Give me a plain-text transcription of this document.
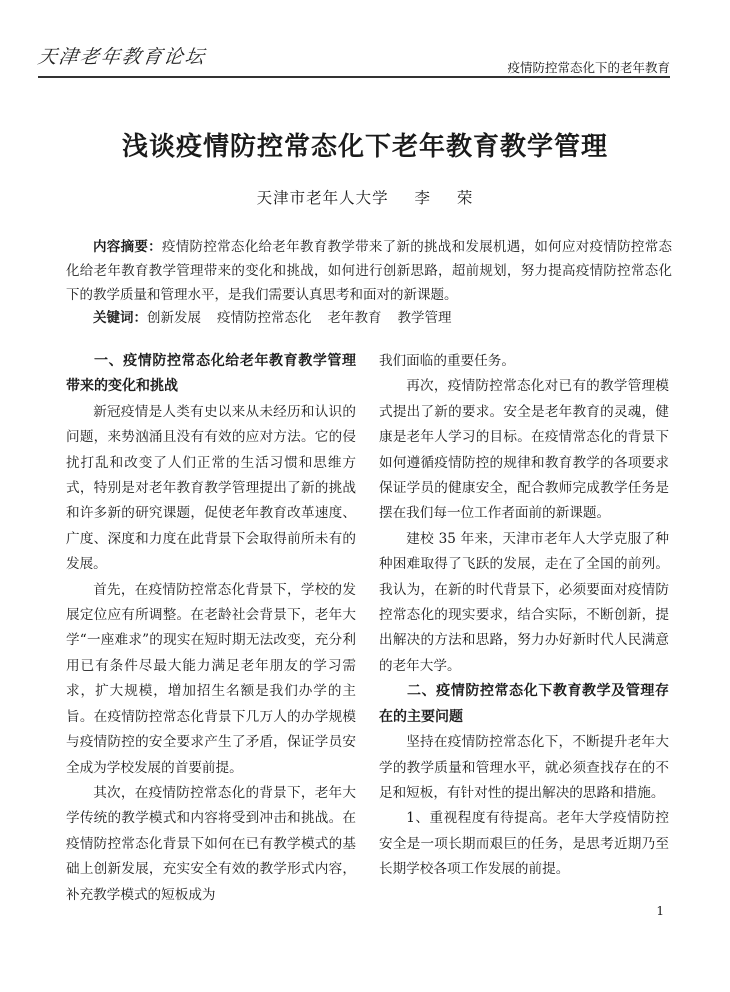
天津老年教育论坛	疫情防控常态化下的老年教育
浅谈疫情防控常态化下老年教育教学管理
天津市老年人大学 李 荣
内容摘要：疫情防控常态化给老年教育教学带来了新的挑战和发展机遇，如何应对疫情防控常态化给老年教育教学管理带来的变化和挑战，如何进行创新思路，超前规划，努力提高疫情防控常态化下的教学质量和管理水平，是我们需要认真思考和面对的新课题。
关键词：创新发展 疫情防控常态化 老年教育 教学管理
一、疫情防控常态化给老年教育教学管理带来的变化和挑战

新冠疫情是人类有史以来从未经历和认识的问题，来势汹涌且没有有效的应对方法。它的侵扰打乱和改变了人们正常的生活习惯和思维方式，特别是对老年教育教学管理提出了新的挑战和许多新的研究课题，促使老年教育改革速度、广度、深度和力度在此背景下会取得前所未有的发展。

首先，在疫情防控常态化背景下，学校的发展定位应有所调整。在老龄社会背景下，老年大学“一座难求”的现实在短时期无法改变，充分利用已有条件尽最大能力满足老年朋友的学习需求，扩大规模，增加招生名额是我们办学的主旨。在疫情防控常态化背景下几万人的办学规模与疫情防控的安全要求产生了矛盾，保证学员安全成为学校发展的首要前提。

其次，在疫情防控常态化的背景下，老年大学传统的教学模式和内容将受到冲击和挑战。在疫情防控常态化背景下如何在已有教学模式的基础上创新发展，充实安全有效的教学形式内容，补充教学模式的短板成为

我们面临的重要任务。

再次，疫情防控常态化对已有的教学管理模式提出了新的要求。安全是老年教育的灵魂，健康是老年人学习的目标。在疫情常态化的背景下如何遵循疫情防控的规律和教育教学的各项要求保证学员的健康安全，配合教师完成教学任务是摆在我们每一位工作者面前的新课题。

建校 35 年来，天津市老年人大学克服了种种困难取得了飞跃的发展，走在了全国的前列。我认为，在新的时代背景下，必须要面对疫情防控常态化的现实要求，结合实际，不断创新，提出解决的方法和思路，努力办好新时代人民满意的老年大学。

二、疫情防控常态化下教育教学及管理存在的主要问题

坚持在疫情防控常态化下，不断提升老年大学的教学质量和管理水平，就必须查找存在的不足和短板，有针对性的提出解决的思路和措施。

1、重视程度有待提高。老年大学疫情防控安全是一项长期而艰巨的任务，是思考近期乃至长期学校各项工作发展的前提。

1
